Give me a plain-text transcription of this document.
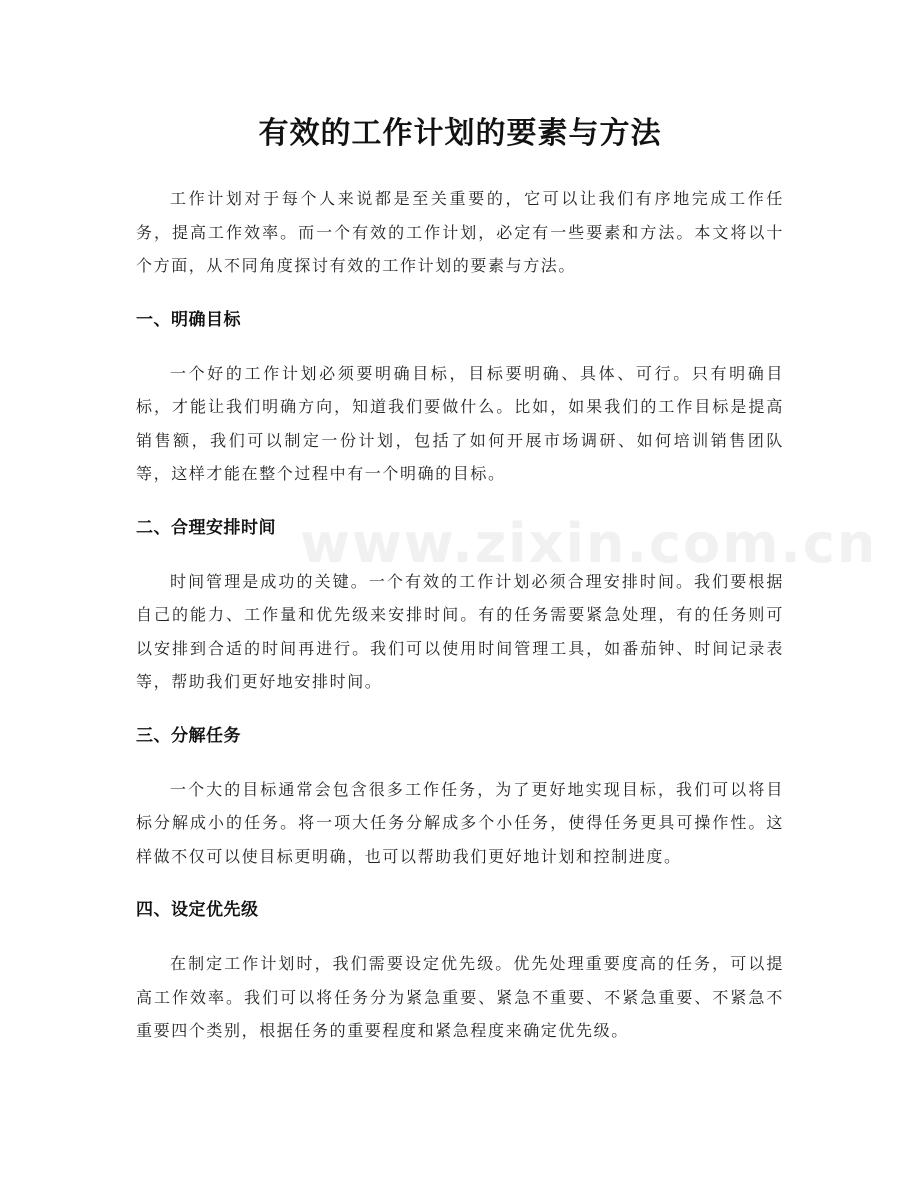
有效的工作计划的要素与方法

工作计划对于每个人来说都是至关重要的，它可以让我们有序地完成工作任务，提高工作效率。而一个有效的工作计划，必定有一些要素和方法。本文将以十个方面，从不同角度探讨有效的工作计划的要素与方法。

一、明确目标

一个好的工作计划必须要明确目标，目标要明确、具体、可行。只有明确目标，才能让我们明确方向，知道我们要做什么。比如，如果我们的工作目标是提高销售额，我们可以制定一份计划，包括了如何开展市场调研、如何培训销售团队等，这样才能在整个过程中有一个明确的目标。

二、合理安排时间

时间管理是成功的关键。一个有效的工作计划必须合理安排时间。我们要根据自己的能力、工作量和优先级来安排时间。有的任务需要紧急处理，有的任务则可以安排到合适的时间再进行。我们可以使用时间管理工具，如番茄钟、时间记录表等，帮助我们更好地安排时间。

三、分解任务

一个大的目标通常会包含很多工作任务，为了更好地实现目标，我们可以将目标分解成小的任务。将一项大任务分解成多个小任务，使得任务更具可操作性。这样做不仅可以使目标更明确，也可以帮助我们更好地计划和控制进度。

四、设定优先级

在制定工作计划时，我们需要设定优先级。优先处理重要度高的任务，可以提高工作效率。我们可以将任务分为紧急重要、紧急不重要、不紧急重要、不紧急不重要四个类别，根据任务的重要程度和紧急程度来确定优先级。

www.zixin.com.cn
